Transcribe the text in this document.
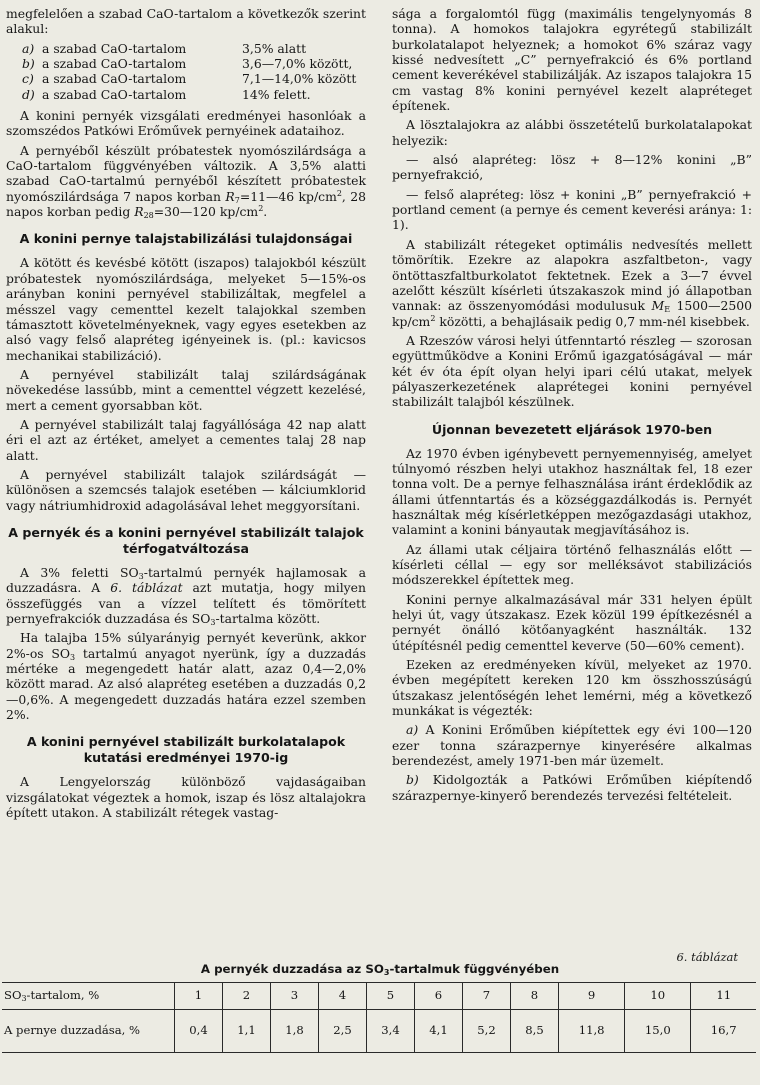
megfelelően a szabad CaO-tartalom a következők szerint alakul:

a) a szabad CaO-tartalom	3,5% alatt
b) a szabad CaO-tartalom	3,6—7,0% között,
c) a szabad CaO-tartalom	7,1—14,0% között
d) a szabad CaO-tartalom	14% felett.

A konini pernyék vizsgálati eredményei hasonlóak a szomszédos Patkówi Erőművek pernyéinek adataihoz.

A pernyéből készült próbatestek nyomószilárdsága a CaO-tartalom függvényében változik. A 3,5% alatti szabad CaO-tartalmú pernyéből készített próbatestek nyomószilárdsága 7 napos korban $R_7=11—46$ $kp/cm^2$, 28 napos korban pedig $R_{28}=30—120$ $kp/cm^2$.

A konini pernye talajstabilizálási tulajdonságai

A kötött és kevésbé kötött (iszapos) talajokból készült próbatestek nyomószilárdsága, melyeket 5—15%-os arányban konini pernyével stabilizáltak, megfelel a mésszel vagy cementtel kezelt talajokkal szemben támasztott követelményeknek, vagy egyes esetekben az alsó vagy felső alapréteg igényeinek is. (pl.: kavicsos mechanikai stabilizáció).

A pernyével stabilizált talaj szilárdságának növekedése lassúbb, mint a cementtel végzett kezelésé, mert a cement gyorsabban köt.

A pernyével stabilizált talaj fagyállósága 42 nap alatt éri el azt az értéket, amelyet a cementes talaj 28 nap alatt.

A pernyével stabilizált talajok szilárdságát — különösen a szemcsés talajok esetében — kálciumklorid vagy nátriumhidroxid adagolásával lehet meggyorsítani.

A pernyék és a konini pernyével stabilizált talajok
térfogatváltozása

A 3% feletti $SO_3$-tartalmú pernyék hajlamosak a duzzadásra. A 6. táblázat azt mutatja, hogy milyen összefüggés van a vízzel telített és tömörített pernyefrakciók duzzadása és $SO_3$-tartalma között.

Ha talajba 15% súlyarányig pernyét keverünk, akkor 2%-os $SO_3$ tartalmú anyagot nyerünk, így a duzzadás mértéke a megengedett határ alatt, azaz 0,4—2,0% között marad. Az alsó alapréteg esetében a duzzadás 0,2—0,6%. A megengedett duzzadás határa ezzel szemben 2%.

A konini pernyével stabilizált burkolatalapok
kutatási eredményei 1970-ig

A Lengyelország különböző vajdaságaiban vizsgálatokat végeztek a homok, iszap és lösz altalajokra épített utakon. A stabilizált rétegek vastag-

sága a forgalomtól függ (maximális tengelynyomás 8 tonna). A homokos talajokra egyrétegű stabilizált burkolatalapot helyeznek; a homokot 6% száraz vagy kissé nedvesített „C” pernyefrakció és 6% portland cement keverékével stabilizálják. Az iszapos talajokra 15 cm vastag 8% konini pernyével kezelt alapréteget építenek.

A lösztalajokra az alábbi összetételű burkolatalapokat helyezik:

— alsó alapréteg: lösz + 8—12% konini „B” pernyefrakció,

— felső alapréteg: lösz + konini „B” pernyefrakció + portland cement (a pernye és cement keverési aránya: 1: 1).

A stabilizált rétegeket optimális nedvesítés mellett tömörítik. Ezekre az alapokra aszfaltbeton-, vagy öntöttaszfaltburkolatot fektetnek. Ezek a 3—7 évvel azelőtt készült kísérleti útszakaszok mind jó állapotban vannak: az összenyomódási modulusuk $M_E$ 1500—2500 $kp/cm^2$ közötti, a behajlásaik pedig 0,7 mm-nél kisebbek.

A Rzeszów városi helyi útfenntartó részleg — szorosan együttműködve a Konini Erőmű igazgatóságával — már két év óta épít olyan helyi ipari célú utakat, melyek pályaszerkezetének alaprétegei konini pernyével stabilizált talajból készülnek.

Újonnan bevezetett eljárások 1970-ben

Az 1970 évben igénybevett pernyemennyiség, amelyet túlnyomó részben helyi utakhoz használtak fel, 18 ezer tonna volt. De a pernye felhasználása iránt érdeklődik az állami útfenntartás és a községgazdálkodás is. Pernyét használtak még kísérletképpen mezőgazdasági utakhoz, valamint a konini bányautak megjavításához is.

Az állami utak céljaira történő felhasználás előtt — kísérleti céllal — egy sor melléksávot stabilizációs módszerekkel építettek meg.

Konini pernye alkalmazásával már 331 helyen épült helyi út, vagy útszakasz. Ezek közül 199 építkezésnél a pernyét önálló kötőanyagként használták. 132 útépítésnél pedig cementtel keverve (50—60% cement).

Ezeken az eredményeken kívül, melyeket az 1970. évben megépített kereken 120 km összhosszúságú útszakasz jelentőségén lehet lemérni, még a következő munkákat is végezték:

a) A Konini Erőműben kiépítettek egy évi 100—120 ezer tonna szárazpernye kinyerésére alkalmas berendezést, amely 1971-ben már üzemelt.

b) Kidolgozták a Patkówi Erőműben kiépítendő szárazpernye-kinyerő berendezés tervezési feltételeit.

6. táblázat
A pernyék duzzadása az $SO_3$-tartalmuk függvényében
$SO_3$-tartalom, %	1	2	3	4	5	6	7	8	9	10	11
A pernye duzzadása, %	0,4	1,1	1,8	2,5	3,4	4,1	5,2	8,5	11,8	15,0	16,7
